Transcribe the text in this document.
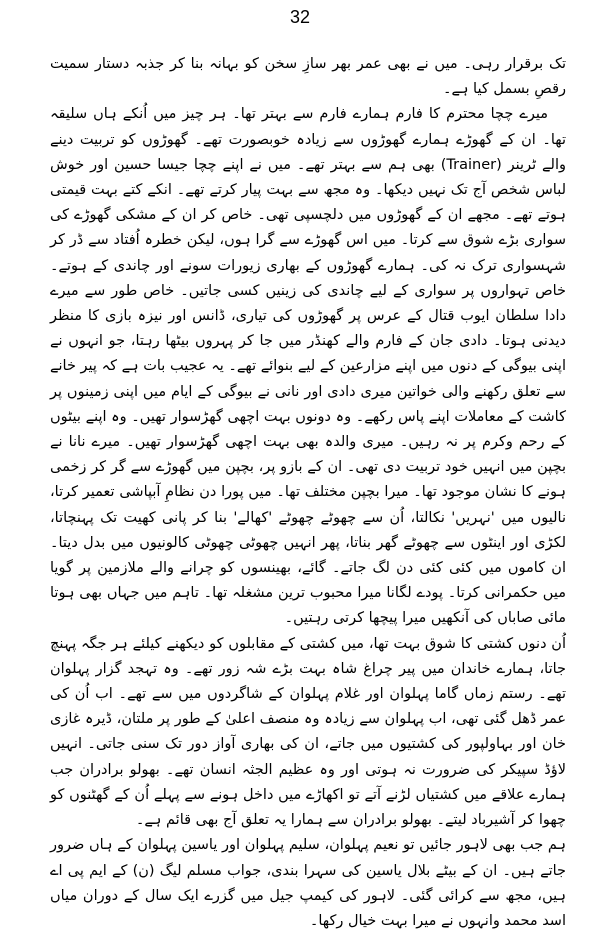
32

تک برقرار رہی۔ میں نے بھی عمر بھر سازِ سخن کو بہانہ بنا کر جذبہ دستار سمیت رقصِ بسمل کیا ہے۔

میرے چچا محترم کا فارم ہمارے فارم سے بہتر تھا۔ ہر چیز میں اُنکے ہاں سلیقہ تھا۔ ان کے گھوڑے ہمارے گھوڑوں سے زیادہ خوبصورت تھے۔ گھوڑوں کو تربیت دینے والے ٹرینر (Trainer) بھی ہم سے بہتر تھے۔ میں نے اپنے چچا جیسا حسین اور خوش لباس شخص آج تک نہیں دیکھا۔ وہ مجھ سے بہت پیار کرتے تھے۔ انکے کتے بہت قیمتی ہوتے تھے۔ مجھے ان کے گھوڑوں میں دلچسپی تھی۔ خاص کر ان کے مشکی گھوڑے کی سواری بڑے شوق سے کرتا۔ میں اس گھوڑے سے گرا ہوں، لیکن خطرہ اُفتاد سے ڈر کر شہسواری ترک نہ کی۔ ہمارے گھوڑوں کے بھاری زیورات سونے اور چاندی کے ہوتے۔ خاص تہواروں پر سواری کے لیے چاندی کی زینیں کسی جاتیں۔ خاص طور سے میرے دادا سلطان ایوب قتال کے عرس پر گھوڑوں کی تیاری، ڈانس اور نیزہ بازی کا منظر دیدنی ہوتا۔ دادی جان کے فارم والے کھنڈر میں جا کر پہروں بیٹھا رہتا، جو انہوں نے اپنی بیوگی کے دنوں میں اپنے مزارعین کے لیے بنوائے تھے۔ یہ عجیب بات ہے کہ پیر خانے سے تعلق رکھنے والی خواتین میری دادی اور نانی نے بیوگی کے ایام میں اپنی زمینوں پر کاشت کے معاملات اپنے پاس رکھے۔ وہ دونوں بہت اچھی گھڑسوار تھیں۔ وہ اپنے بیٹوں کے رحم وکرم پر نہ رہیں۔ میری والدہ بھی بہت اچھی گھڑسوار تھیں۔ میرے نانا نے بچپن میں انہیں خود تربیت دی تھی۔ ان کے بازو پر، بچپن میں گھوڑے سے گر کر زخمی ہونے کا نشان موجود تھا۔ میرا بچپن مختلف تھا۔ میں پورا دن نظامِ آبپاشی تعمیر کرتا، نالیوں میں 'نہریں' نکالتا، اُن سے چھوٹے چھوٹے 'کھالے' بنا کر پانی کھیت تک پہنچاتا، لکڑی اور اینٹوں سے چھوٹے گھر بناتا، پھر انہیں چھوٹی چھوٹی کالونیوں میں بدل دیتا۔ ان کاموں میں کئی کئی دن لگ جاتے۔ گائے، بھینسوں کو چرانے والے ملازمین پر گویا میں حکمرانی کرتا۔ پودے لگانا میرا محبوب ترین مشغلہ تھا۔ تاہم میں جہاں بھی ہوتا مائی صاباں کی آنکھیں میرا پیچھا کرتی رہتیں۔

اُن دنوں کشتی کا شوق بہت تھا، میں کشتی کے مقابلوں کو دیکھنے کیلئے ہر جگہ پہنچ جاتا، ہمارے خاندان میں پیر چراغ شاہ بہت بڑے شہ زور تھے۔ وہ تہجد گزار پہلوان تھے۔ رستم زماں گاما پہلوان اور غلام پہلوان کے شاگردوں میں سے تھے۔ اب اُن کی عمر ڈھل گئی تھی، اب پہلوان سے زیادہ وہ منصف اعلیٰ کے طور پر ملتان، ڈیرہ غازی خان اور بہاولپور کی کشتیوں میں جاتے، ان کی بھاری آواز دور تک سنی جاتی۔ انہیں لاؤڈ سپیکر کی ضرورت نہ ہوتی اور وہ عظیم الجثہ انسان تھے۔ بھولو برادران جب ہمارے علاقے میں کشتیاں لڑنے آتے تو اکھاڑے میں داخل ہونے سے پہلے اُن کے گھٹنوں کو چھوا کر آشیرباد لیتے۔ بھولو برادران سے ہمارا یہ تعلق آج بھی قائم ہے۔

ہم جب بھی لاہور جائیں تو نعیم پہلوان، سلیم پہلوان اور یاسین پہلوان کے ہاں ضرور جاتے ہیں۔ ان کے بیٹے بلال یاسین کی سہرا بندی، جواب مسلم لیگ (ن) کے ایم پی اے ہیں، مجھ سے کرائی گئی۔ لاہور کی کیمپ جیل میں گزرے ایک سال کے دوران میاں اسد محمد وانہوں نے میرا بہت خیال رکھا۔
